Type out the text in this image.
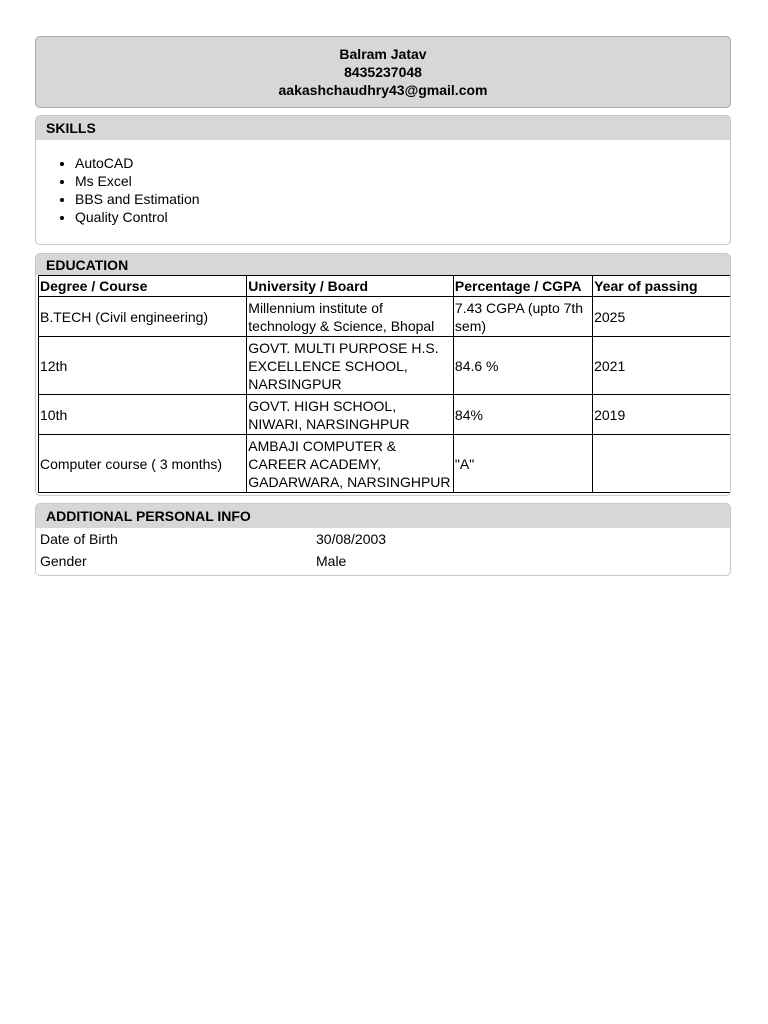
Balram Jatav
8435237048
aakashchaudhry43@gmail.com
SKILLS
• AutoCAD
• Ms Excel
• BBS and Estimation
• Quality Control
EDUCATION
Degree / Course	University / Board	Percentage / CGPA	Year of passing
B.TECH (Civil engineering)	Millennium institute of technology & Science, Bhopal	7.43 CGPA (upto 7th sem)	2025
12th	GOVT. MULTI PURPOSE H.S. EXCELLENCE SCHOOL, NARSINGPUR	84.6 %	2021
10th	GOVT. HIGH SCHOOL, NIWARI, NARSINGHPUR	84%	2019
Computer course ( 3 months)	AMBAJI COMPUTER & CAREER ACADEMY, GADARWARA, NARSINGHPUR	"A"	
ADDITIONAL PERSONAL INFO
Date of Birth	30/08/2003
Gender	Male
